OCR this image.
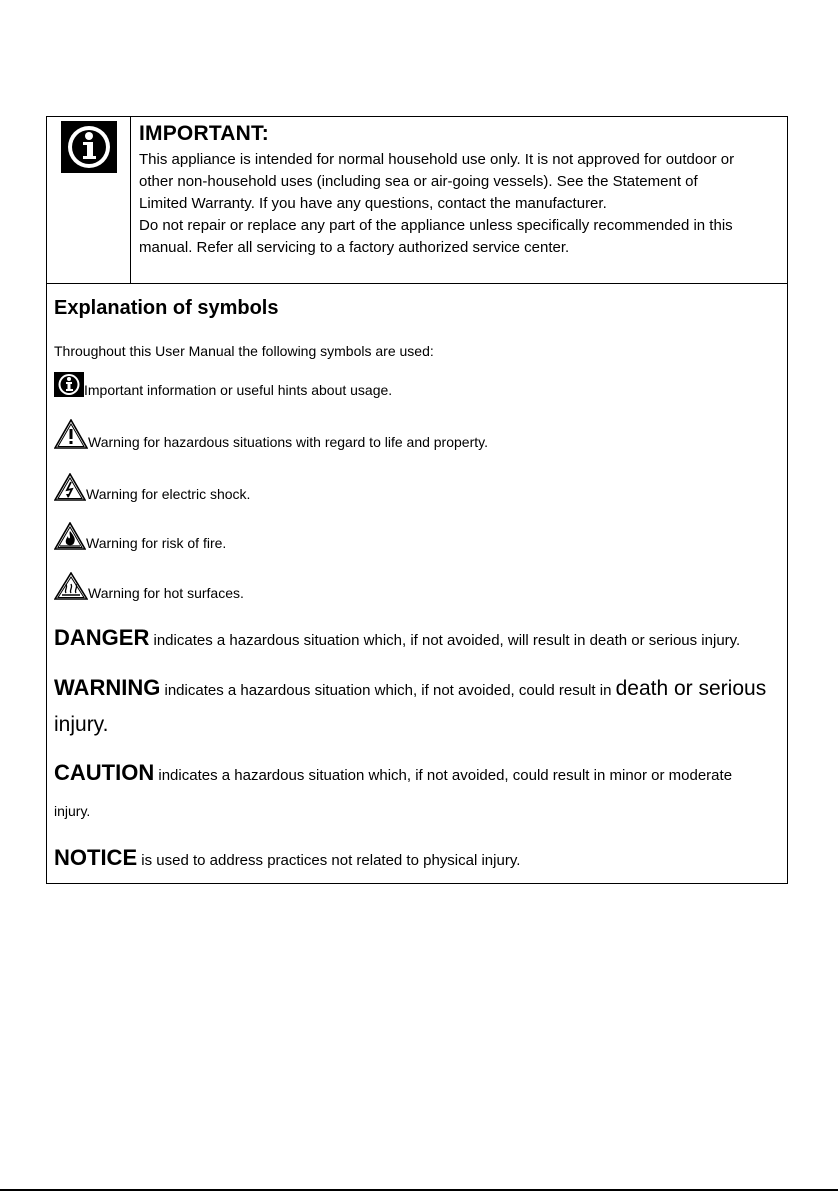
IMPORTANT:

This appliance is intended for normal household use only. It is not approved for outdoor or

other non-household uses (including sea or air-going vessels). See the Statement of

Limited Warranty. If you have any questions, contact the manufacturer.

Do not repair or replace any part of the appliance unless specifically recommended in this

manual. Refer all servicing to a factory authorized service center.

Explanation of symbols
Throughout this User Manual the following symbols are used:
Important information or useful hints about usage.
Warning for hazardous situations with regard to life and property.
Warning for electric shock.
Warning for risk of fire.
Warning for hot surfaces.
DANGER indicates a hazardous situation which, if not avoided, will result in death or serious injury.
WARNING indicates a hazardous situation which, if not avoided, could result in death or serious
injury.
CAUTION indicates a hazardous situation which, if not avoided, could result in minor or moderate
injury.
NOTICE is used to address practices not related to physical injury.
